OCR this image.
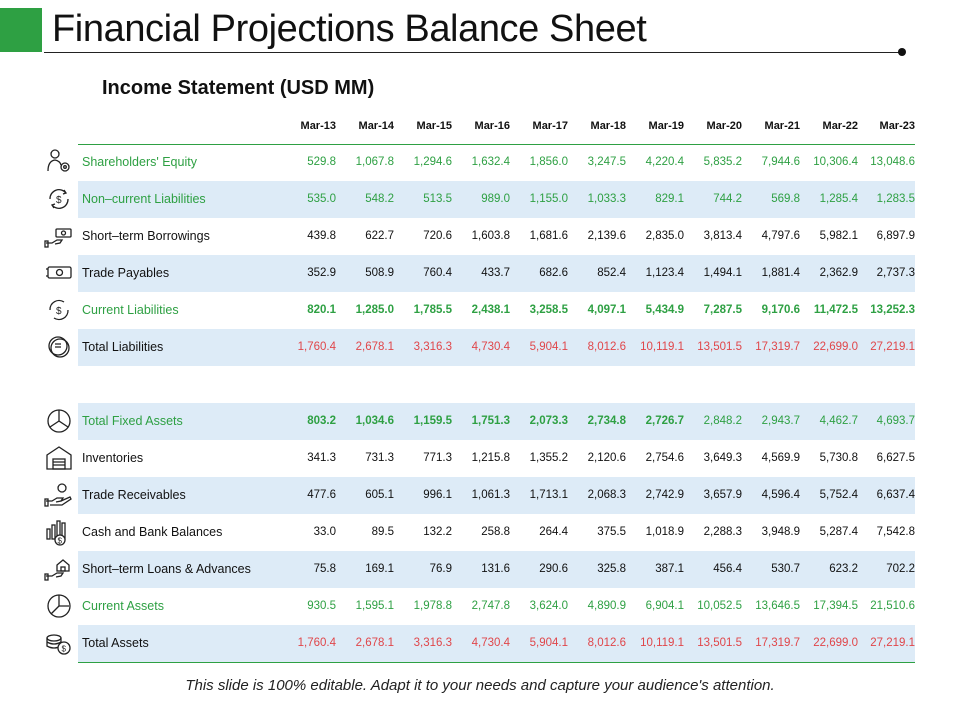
Financial Projections Balance Sheet
Income Statement (USD MM)
Mar-13	Mar-14	Mar-15	Mar-16	Mar-17	Mar-18	Mar-19	Mar-20	Mar-21	Mar-22	Mar-23
Shareholders' Equity	529.8	1,067.8	1,294.6	1,632.4	1,856.0	3,247.5	4,220.4	5,835.2	7,944.6	10,306.4	13,048.6
Non–current Liabilities	535.0	548.2	513.5	989.0	1,155.0	1,033.3	829.1	744.2	569.8	1,285.4	1,283.5
Short–term Borrowings	439.8	622.7	720.6	1,603.8	1,681.6	2,139.6	2,835.0	3,813.4	4,797.6	5,982.1	6,897.9
Trade Payables	352.9	508.9	760.4	433.7	682.6	852.4	1,123.4	1,494.1	1,881.4	2,362.9	2,737.3
Current Liabilities	820.1	1,285.0	1,785.5	2,438.1	3,258.5	4,097.1	5,434.9	7,287.5	9,170.6	11,472.5	13,252.3
Total Liabilities	1,760.4	2,678.1	3,316.3	4,730.4	5,904.1	8,012.6	10,119.1	13,501.5	17,319.7	22,699.0	27,219.1
Total Fixed Assets	803.2	1,034.6	1,159.5	1,751.3	2,073.3	2,734.8	2,726.7	2,848.2	2,943.7	4,462.7	4,693.7
Inventories	341.3	731.3	771.3	1,215.8	1,355.2	2,120.6	2,754.6	3,649.3	4,569.9	5,730.8	6,627.5
Trade Receivables	477.6	605.1	996.1	1,061.3	1,713.1	2,068.3	2,742.9	3,657.9	4,596.4	5,752.4	6,637.4
Cash and Bank Balances	33.0	89.5	132.2	258.8	264.4	375.5	1,018.9	2,288.3	3,948.9	5,287.4	7,542.8
Short–term Loans & Advances	75.8	169.1	76.9	131.6	290.6	325.8	387.1	456.4	530.7	623.2	702.2
Current Assets	930.5	1,595.1	1,978.8	2,747.8	3,624.0	4,890.9	6,904.1	10,052.5	13,646.5	17,394.5	21,510.6
Total Assets	1,760.4	2,678.1	3,316.3	4,730.4	5,904.1	8,012.6	10,119.1	13,501.5	17,319.7	22,699.0	27,219.1
$
$
$
$
This slide is 100% editable. Adapt it to your needs and capture your audience's attention.
